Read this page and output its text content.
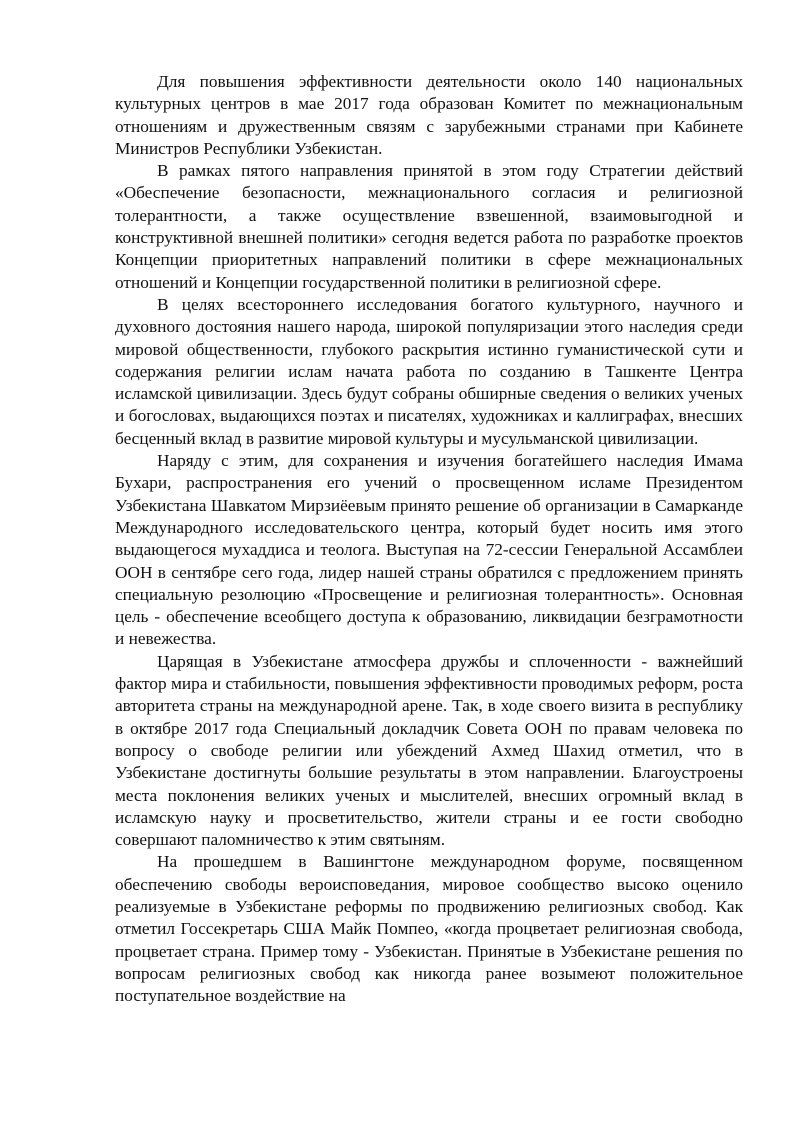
Для повышения эффективности деятельности около 140 национальных культурных центров в мае 2017 года образован Комитет по межнациональным отношениям и дружественным связям с зарубежными странами при Кабинете Министров Республики Узбекистан.

В рамках пятого направления принятой в этом году Стратегии действий «Обеспечение безопасности, межнационального согласия и религиозной толерантности, а также осуществление взвешенной, взаимовыгодной и конструктивной внешней политики» сегодня ведется работа по разработке проектов Концепции приоритетных направлений политики в сфере межнациональных отношений и Концепции государственной политики в религиозной сфере.

В целях всестороннего исследования богатого культурного, научного и духовного достояния нашего народа, широкой популяризации этого наследия среди мировой общественности, глубокого раскрытия истинно гуманистической сути и содержания религии ислам начата работа по созданию в Ташкенте Центра исламской цивилизации. Здесь будут собраны обширные сведения о великих ученых и богословах, выдающихся поэтах и писателях, художниках и каллиграфах, внесших бесценный вклад в развитие мировой культуры и мусульманской цивилизации.

Наряду с этим, для сохранения и изучения богатейшего наследия Имама Бухари, распространения его учений о просвещенном исламе Президентом Узбекистана Шавкатом Мирзиёевым принято решение об организации в Самарканде Международного исследовательского центра, который будет носить имя этого выдающегося мухаддиса и теолога. Выступая на 72-сессии Генеральной Ассамблеи ООН в сентябре сего года, лидер нашей страны обратился с предложением принять специальную резолюцию «Просвещение и религиозная толерантность». Основная цель - обеспечение всеобщего доступа к образованию, ликвидации безграмотности и невежества.

Царящая в Узбекистане атмосфера дружбы и сплоченности - важнейший фактор мира и стабильности, повышения эффективности проводимых реформ, роста авторитета страны на международной арене. Так, в ходе своего визита в республику в октябре 2017 года Специальный докладчик Совета ООН по правам человека по вопросу о свободе религии или убеждений Ахмед Шахид отметил, что в Узбекистане достигнуты большие результаты в этом направлении. Благоустроены места поклонения великих ученых и мыслителей, внесших огромный вклад в исламскую науку и просветительство, жители страны и ее гости свободно совершают паломничество к этим святыням.

На прошедшем в Вашингтоне международном форуме, посвященном обеспечению свободы вероисповедания, мировое сообщество высоко оценило реализуемые в Узбекистане реформы по продвижению религиозных свобод. Как отметил Госсекретарь США Майк Помпео, «когда процветает религиозная свобода, процветает страна. Пример тому - Узбекистан. Принятые в Узбекистане решения по вопросам религиозных свобод как никогда ранее возымеют положительное поступательное воздействие на
